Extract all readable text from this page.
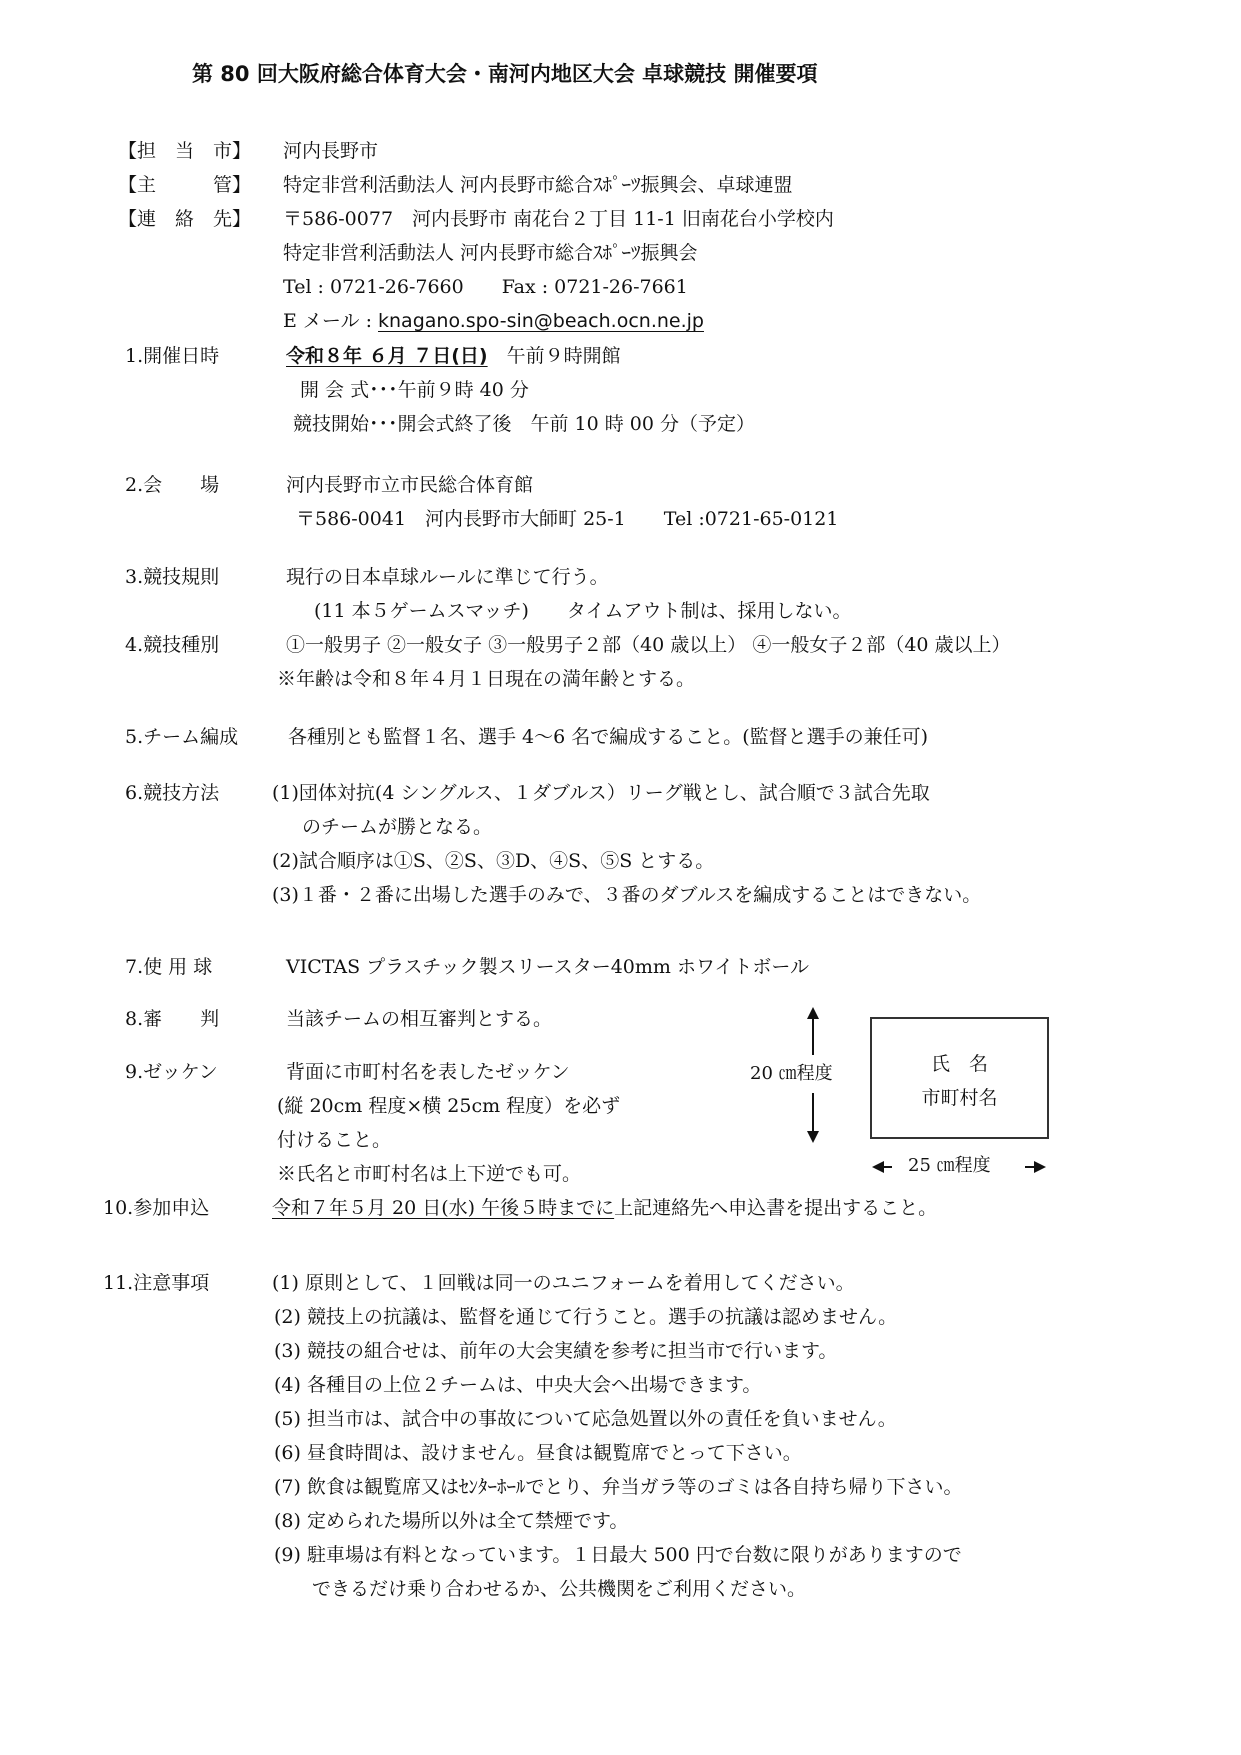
第 80 回大阪府総合体育大会・南河内地区大会 卓球競技 開催要項
【担　当　市】 河内長野市
【主　　　管】 特定非営利活動法人 河内長野市総合ｽﾎﾟｰﾂ振興会、卓球連盟
【連　絡　先】 〒586-0077　河内長野市 南花台２丁目 11-1 旧南花台小学校内
特定非営利活動法人 河内長野市総合ｽﾎﾟｰﾂ振興会
Tel : 0721-26-7660　　Fax : 0721-26-7661
E メール : knagano.spo-sin@beach.ocn.ne.jp
1.開催日時	令和８年 ６月 ７日(日)　午前９時開館
開 会 式･･･午前９時 40 分
競技開始･･･開会式終了後　午前 10 時 00 分（予定）
2.会　　場	河内長野市立市民総合体育館
〒586-0041　河内長野市大師町 25-1　　Tel :0721-65-0121
3.競技規則	現行の日本卓球ルールに準じて行う。
(11 本５ゲームスマッチ)　　タイムアウト制は、採用しない。
4.競技種別	①一般男子 ②一般女子 ③一般男子２部（40 歳以上） ④一般女子２部（40 歳以上）
※年齢は令和８年４月１日現在の満年齢とする。
5.チーム編成	各種別とも監督１名、選手 4～6 名で編成すること。(監督と選手の兼任可)
6.競技方法	(1)団体対抗(4 シングルス、１ダブルス）リーグ戦とし、試合順で３試合先取
のチームが勝となる。
(2)試合順序は①S、②S、③D、④S、⑤S とする。
(3)１番・２番に出場した選手のみで、３番のダブルスを編成することはできない。
7.使 用 球	VICTAS プラスチック製スリースター40mm ホワイトボール
8.審　　判	当該チームの相互審判とする。
9.ゼッケン	背面に市町村名を表したゼッケン
(縦 20cm 程度×横 25cm 程度）を必ず
付けること。
※氏名と市町村名は上下逆でも可。
20 ㎝程度	氏　名
市町村名
25 ㎝程度
10.参加申込	令和７年５月 20 日(水) 午後５時までに上記連絡先へ申込書を提出すること。
11.注意事項	(1) 原則として、１回戦は同一のユニフォームを着用してください。
(2) 競技上の抗議は、監督を通じて行うこと。選手の抗議は認めません。
(3) 競技の組合せは、前年の大会実績を参考に担当市で行います。
(4) 各種目の上位２チームは、中央大会へ出場できます。
(5) 担当市は、試合中の事故について応急処置以外の責任を負いません。
(6) 昼食時間は、設けません。昼食は観覧席でとって下さい。
(7) 飲食は観覧席又はｾﾝﾀｰﾎｰﾙでとり、弁当ガラ等のゴミは各自持ち帰り下さい。
(8) 定められた場所以外は全て禁煙です。
(9) 駐車場は有料となっています。１日最大 500 円で台数に限りがありますので
できるだけ乗り合わせるか、公共機関をご利用ください。
